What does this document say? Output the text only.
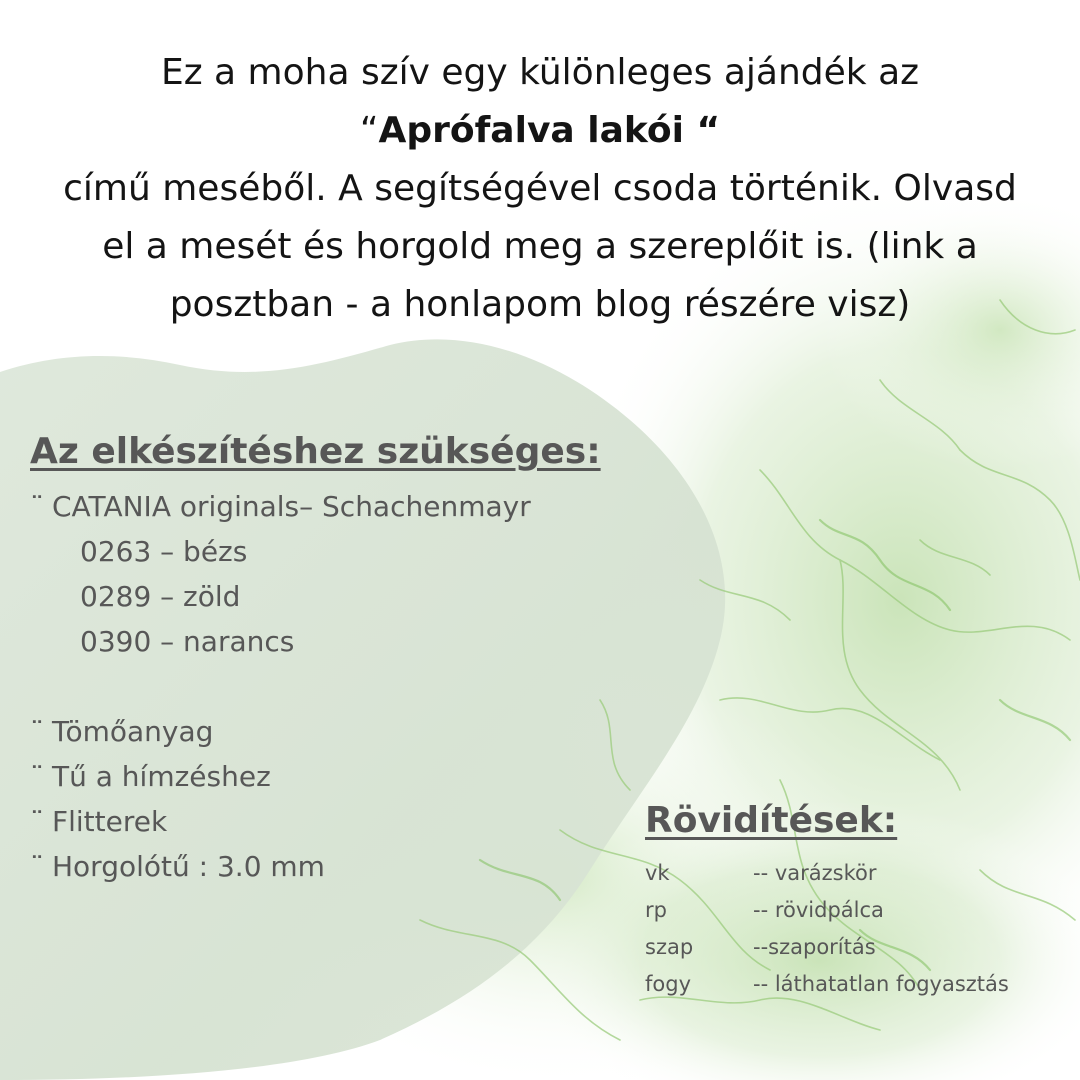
Ez a moha szív egy különleges ajándék az
“Aprófalva lakói “
című meséből. A segítségével csoda történik. Olvasd
el a mesét és horgold meg a szereplőit is. (link a
posztban - a honlapom blog részére visz)
Az elkészítéshez szükséges:
¨ CATANIA originals– Schachenmayr
0263 – bézs
0289 – zöld
0390 – narancs
¨ Tömőanyag
¨ Tű a hímzéshez
¨ Flitterek
¨ Horgolótű : 3.0 mm
Rövidítések:
vk	-- varázskör
rp	-- rövidpálca
szap	--szaporítás
fogy	-- láthatatlan fogyasztás
